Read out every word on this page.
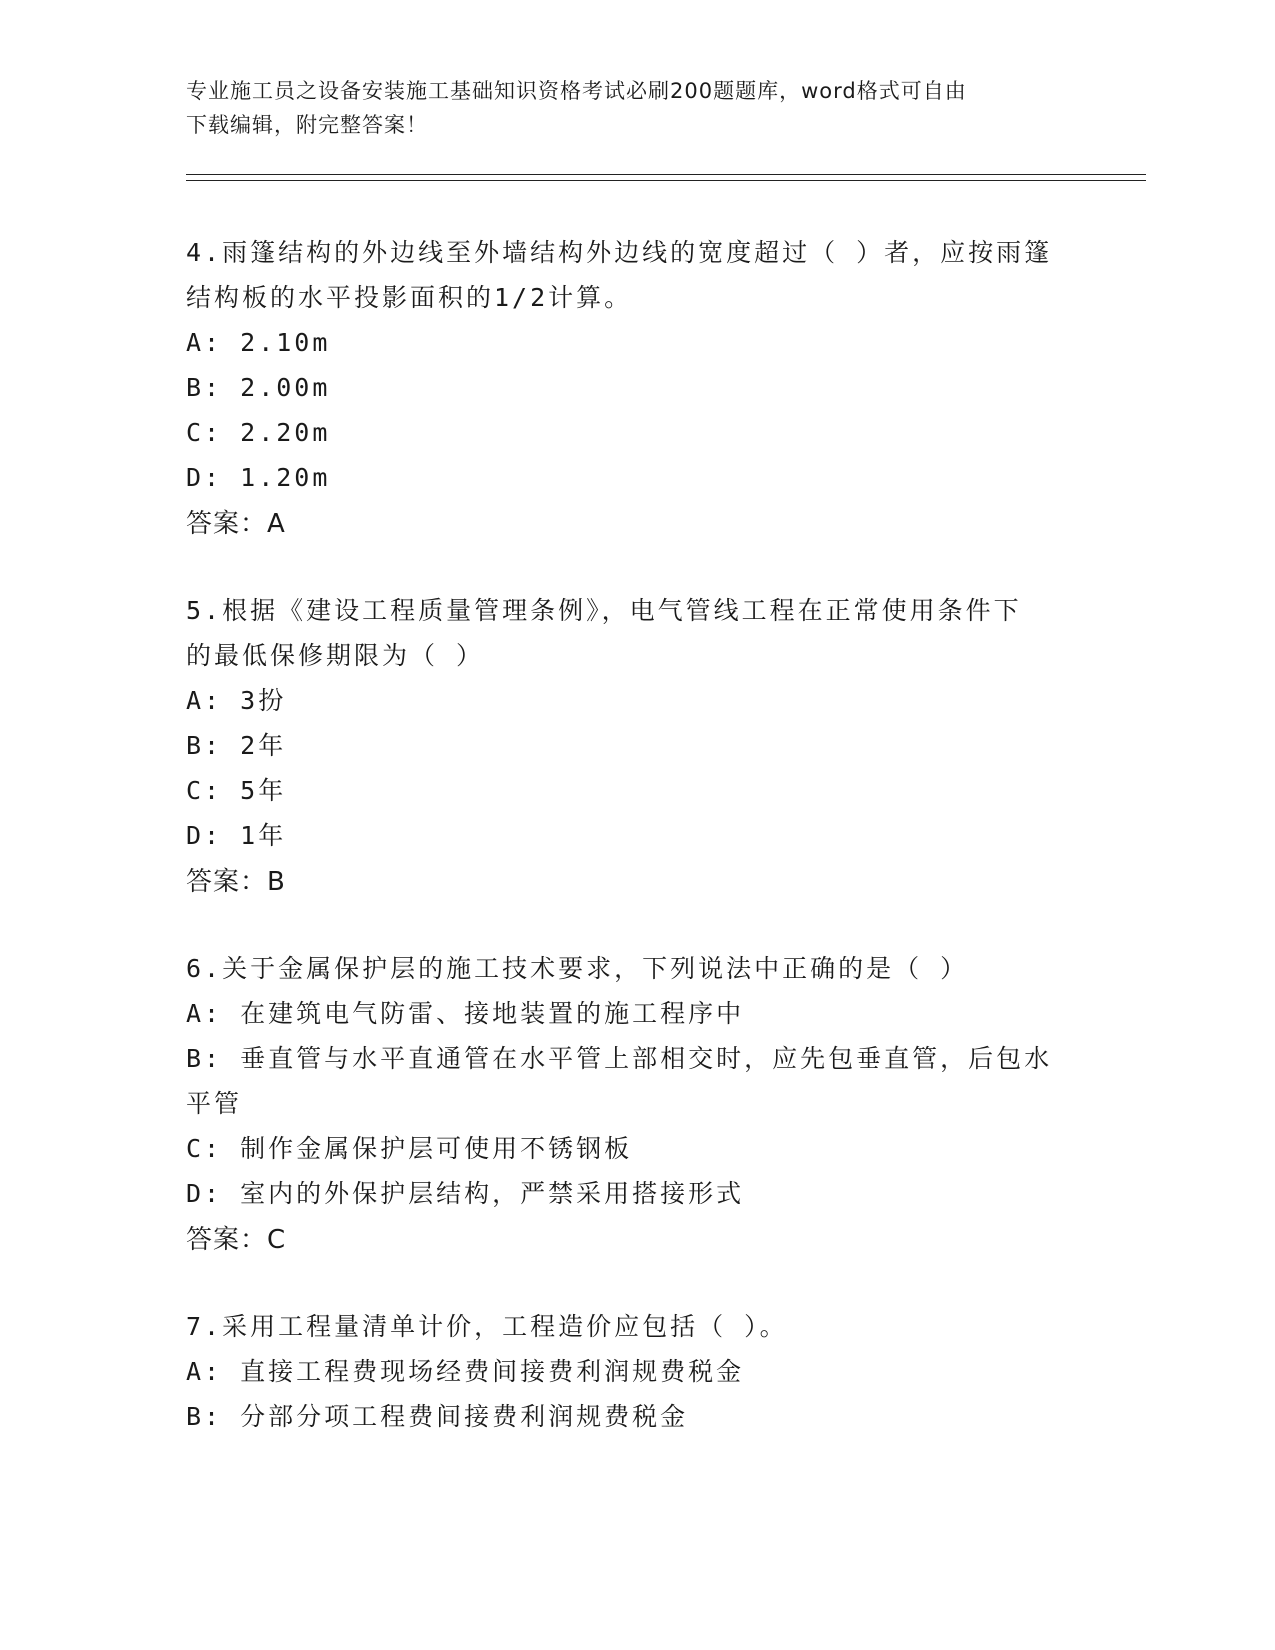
专业施工员之设备安装施工基础知识资格考试必刷200题题库，word格式可自由
下载编辑，附完整答案！
4.雨篷结构的外边线至外墙结构外边线的宽度超过（ ）者，应按雨篷
结构板的水平投影面积的1/2计算。
A: 2.10m
B: 2.00m
C: 2.20m
D: 1.20m
答案：A
5.根据《建设工程质量管理条例》，电气管线工程在正常使用条件下
的最低保修期限为（ ）
A: 3扮
B: 2年
C: 5年
D: 1年
答案：B
6.关于金属保护层的施工技术要求，下列说法中正确的是（ ）
A: 在建筑电气防雷、接地装置的施工程序中
B: 垂直管与水平直通管在水平管上部相交时，应先包垂直管，后包水
平管
C: 制作金属保护层可使用不锈钢板
D: 室内的外保护层结构，严禁采用搭接形式
答案：C
7.采用工程量清单计价，工程造价应包括（ ）。
A: 直接工程费现场经费间接费利润规费税金
B: 分部分项工程费间接费利润规费税金
